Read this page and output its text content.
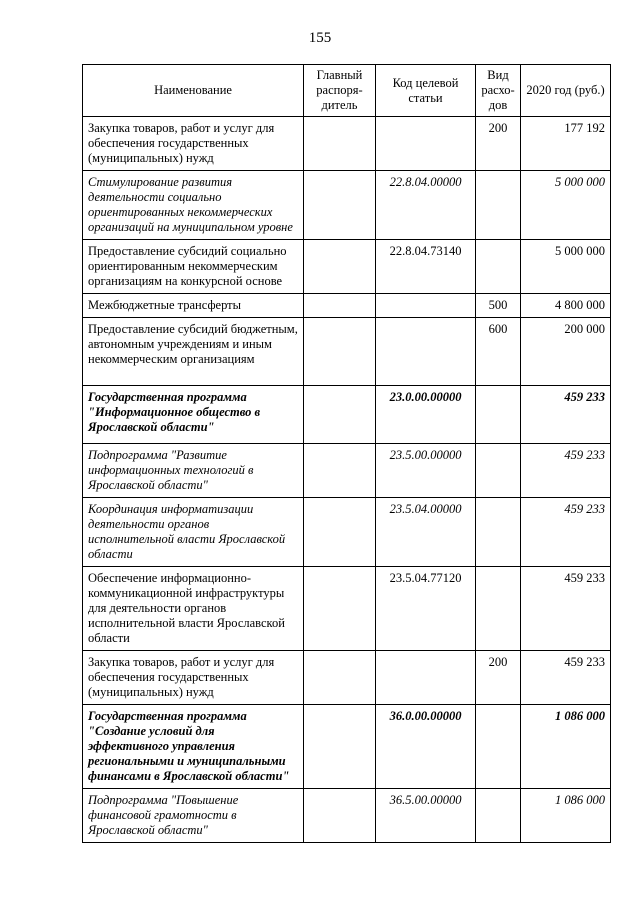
155
Наименование	Главный распоря-дитель	Код целевой статьи	Вид расхо-дов	2020 год (руб.)
Закупка товаров, работ и услуг для обеспечения государственных (муниципальных) нужд			200	177 192
Стимулирование развития деятельности социально ориентированных некоммерческих организаций на муниципальном уровне		22.8.04.00000		5 000 000
Предоставление субсидий социально ориентированным некоммерческим организациям на конкурсной основе		22.8.04.73140		5 000 000
Межбюджетные трансферты			500	4 800 000
Предоставление субсидий бюджетным, автономным учреждениям и иным некоммерческим организациям			600	200 000
Государственная программа "Информационное общество в Ярославской области"		23.0.00.00000		459 233
Подпрограмма "Развитие информационных технологий в Ярославской области"		23.5.00.00000		459 233
Координация информатизации деятельности органов исполнительной власти Ярославской области		23.5.04.00000		459 233
Обеспечение информационно-коммуникационной инфраструктуры для деятельности органов исполнительной власти Ярославской области		23.5.04.77120		459 233
Закупка товаров, работ и услуг для обеспечения государственных (муниципальных) нужд			200	459 233
Государственная программа "Создание условий для эффективного управления региональными и муниципальными финансами в Ярославской области"		36.0.00.00000		1 086 000
Подпрограмма "Повышение финансовой грамотности в Ярославской области"		36.5.00.00000		1 086 000
